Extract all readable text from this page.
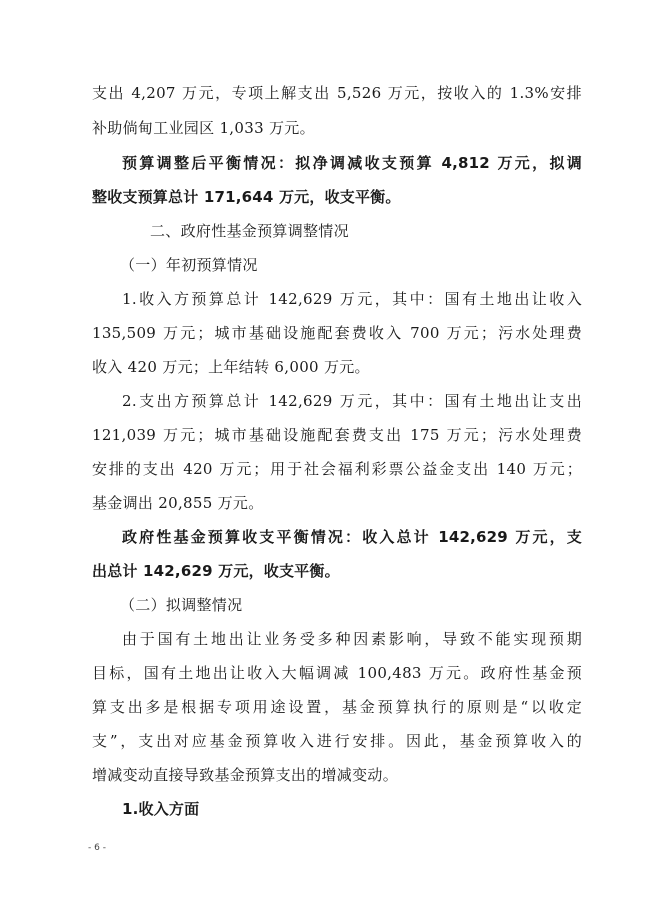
支出 4,207 万元，专项上解支出 5,526 万元，按收入的 1.3%安排
补助倘甸工业园区 1,033 万元。
预算调整后平衡情况：拟净调减收支预算 4,812 万元，拟调
整收支预算总计 171,644 万元，收支平衡。
二、政府性基金预算调整情况
（一）年初预算情况
1.收入方预算总计 142,629 万元，其中：国有土地出让收入
135,509 万元；城市基础设施配套费收入 700 万元；污水处理费
收入 420 万元；上年结转 6,000 万元。
2.支出方预算总计 142,629 万元，其中：国有土地出让支出
121,039 万元；城市基础设施配套费支出 175 万元；污水处理费
安排的支出 420 万元；用于社会福利彩票公益金支出 140 万元；
基金调出 20,855 万元。
政府性基金预算收支平衡情况：收入总计 142,629 万元，支
出总计 142,629 万元，收支平衡。
（二）拟调整情况
由于国有土地出让业务受多种因素影响，导致不能实现预期
目标，国有土地出让收入大幅调减 100,483 万元。政府性基金预
算支出多是根据专项用途设置，基金预算执行的原则是“以收定
支”，支出对应基金预算收入进行安排。因此，基金预算收入的
增减变动直接导致基金预算支出的增减变动。
1.收入方面
- 6 -
